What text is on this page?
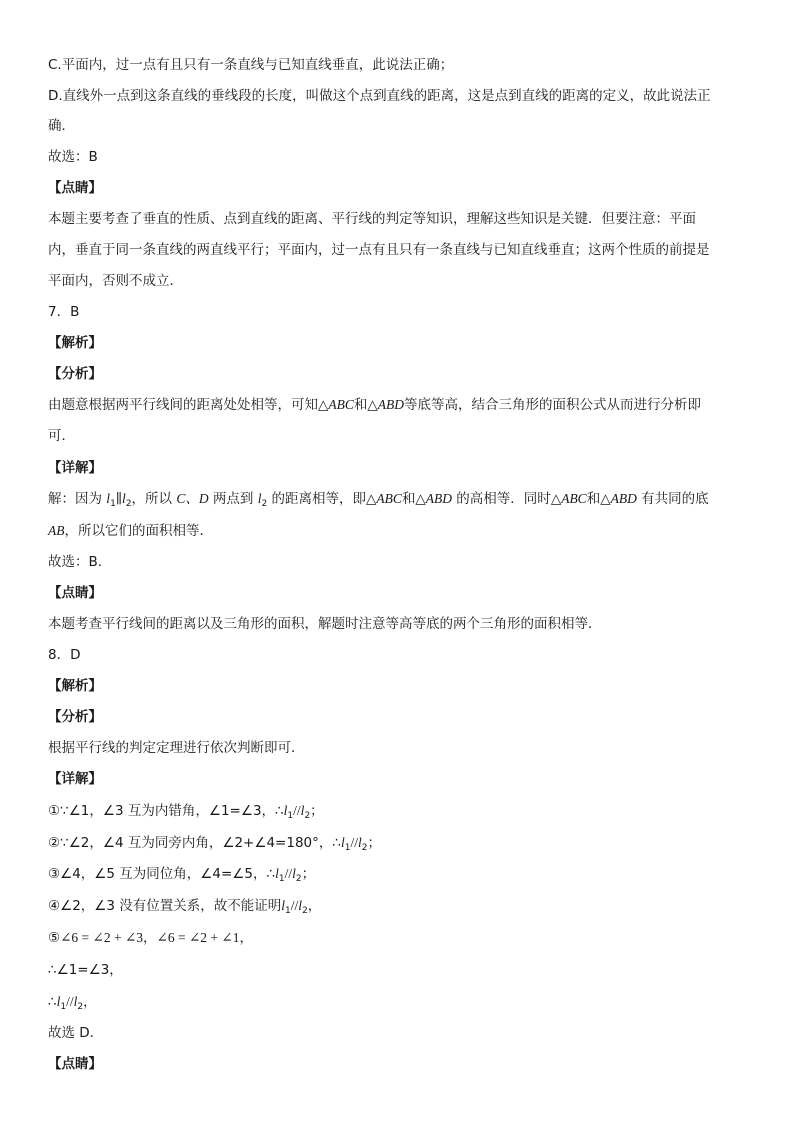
C.平面内，过一点有且只有一条直线与已知直线垂直，此说法正确；
D.直线外一点到这条直线的垂线段的长度，叫做这个点到直线的距离，这是点到直线的距离的定义，故此说法正
确．
故选：B
【点睛】
本题主要考查了垂直的性质、点到直线的距离、平行线的判定等知识，理解这些知识是关键．但要注意：平面
内，垂直于同一条直线的两直线平行；平面内，过一点有且只有一条直线与已知直线垂直；这两个性质的前提是
平面内，否则不成立．
7．B
【解析】
【分析】
由题意根据两平行线间的距离处处相等，可知△ABC和△ABD等底等高，结合三角形的面积公式从而进行分析即
可．
【详解】
解：因为 $l_1\parallel l_2$，所以 C、D 两点到 $l_2$ 的距离相等，即△ABC和△ABD 的高相等．同时△ABC和△ABD 有共同的底
AB，所以它们的面积相等．
故选：B.
【点睛】
本题考查平行线间的距离以及三角形的面积，解题时注意等高等底的两个三角形的面积相等．
8．D
【解析】
【分析】
根据平行线的判定定理进行依次判断即可．
【详解】
①∵∠1，∠3 互为内错角，∠1=∠3，$\therefore l_1//l_2$；
②∵∠2，∠4 互为同旁内角，∠2+∠4=180°，$\therefore l_1//l_2$；
③∠4，∠5 互为同位角，∠4=∠5，$\therefore l_1//l_2$；
④∠2，∠3 没有位置关系，故不能证明$l_1//l_2$，
⑤∠6 = ∠2 + ∠3，∠6 = ∠2 + ∠1，
∴∠1=∠3，
$\therefore l_1//l_2$，
故选 D．
【点睛】
